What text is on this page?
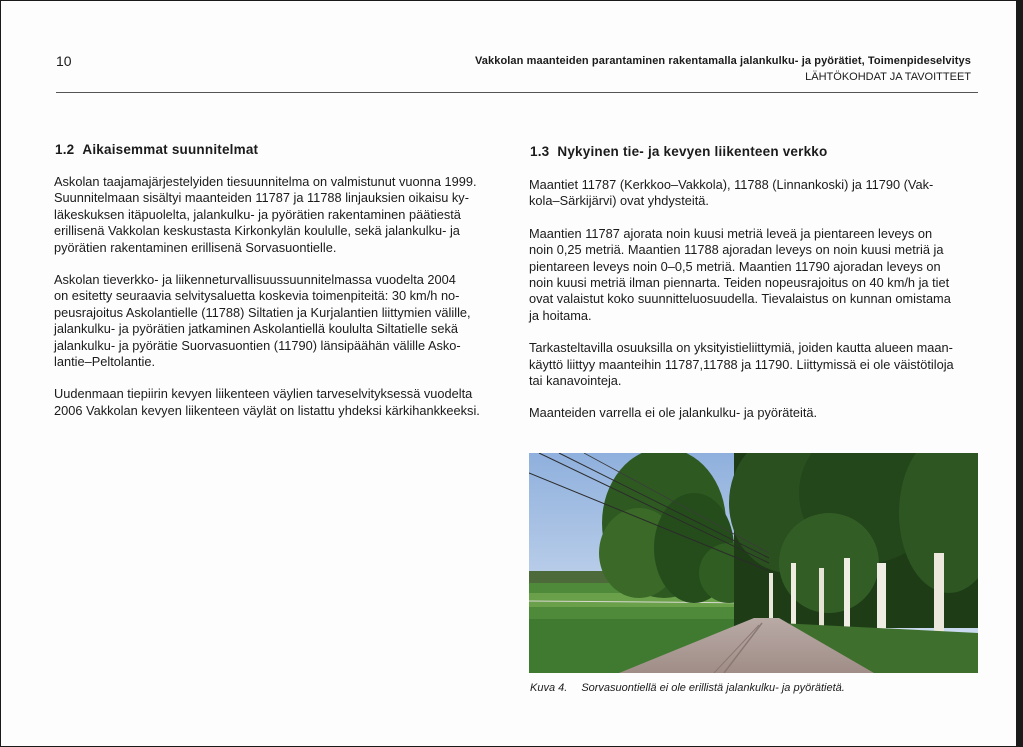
10	Vakkolan maanteiden parantaminen rakentamalla jalankulku- ja pyörätiet, Toimenpideselvitys
LÄHTÖKOHDAT JA TAVOITTEET
1.2 Aikaisemmat suunnitelmat

Askolan taajamajärjestelyiden tiesuunnitelma on valmistunut vuonna 1999.
Suunnitelmaan sisältyi maanteiden 11787 ja 11788 linjauksien oikaisu ky-
läkeskuksen itäpuolelta, jalankulku- ja pyörätien rakentaminen päätiestä
erillisenä Vakkolan keskustasta Kirkonkylän koululle, sekä jalankulku- ja
pyörätien rakentaminen erillisenä Sorvasuontielle.

Askolan tieverkko- ja liikenneturvallisuussuunnitelmassa vuodelta 2004
on esitetty seuraavia selvitysaluetta koskevia toimenpiteitä: 30 km/h no-
peusrajoitus Askolantielle (11788) Siltatien ja Kurjalantien liittymien välille,
jalankulku- ja pyörätien jatkaminen Askolantiellä koululta Siltatielle sekä
jalankulku- ja pyörätie Suorvasuontien (11790) länsipäähän välille Asko-
lantie–Peltolantie.

Uudenmaan tiepiirin kevyen liikenteen väylien tarveselvityksessä vuodelta
2006 Vakkolan kevyen liikenteen väylät on listattu yhdeksi kärkihankkeeksi.

1.3 Nykyinen tie- ja kevyen liikenteen verkko

Maantiet 11787 (Kerkkoo–Vakkola), 11788 (Linnankoski) ja 11790 (Vak-
kola–Särkijärvi) ovat yhdysteitä.

Maantien 11787 ajorata noin kuusi metriä leveä ja pientareen leveys on
noin 0,25 metriä. Maantien 11788 ajoradan leveys on noin kuusi metriä ja
pientareen leveys noin 0–0,5 metriä. Maantien 11790 ajoradan leveys on
noin kuusi metriä ilman piennarta. Teiden nopeusrajoitus on 40 km/h ja tiet
ovat valaistut koko suunnitteluosuudella. Tievalaistus on kunnan omistama
ja hoitama.

Tarkasteltavilla osuuksilla on yksityistieliittymiä, joiden kautta alueen maan-
käyttö liittyy maanteihin 11787,11788 ja 11790. Liittymissä ei ole väistötiloja
tai kanavointeja.

Maanteiden varrella ei ole jalankulku- ja pyöräteitä.

Kuva 4. Sorvasuontiellä ei ole erillistä jalankulku- ja pyörätietä.
